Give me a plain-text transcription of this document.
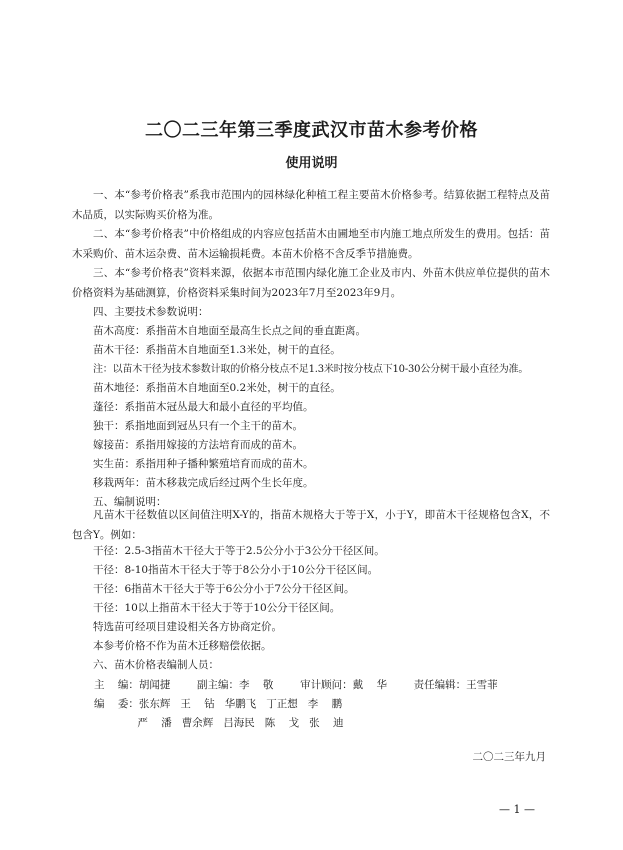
二〇二三年第三季度武汉市苗木参考价格
使用说明
一、本“参考价格表”系我市范围内的园林绿化种植工程主要苗木价格参考。结算依据工程特点及苗木品质，以实际购买价格为准。
二、本“参考价格表”中价格组成的内容应包括苗木由圃地至市内施工地点所发生的费用。包括：苗木采购价、苗木运杂费、苗木运输损耗费。本苗木价格不含反季节措施费。
三、本“参考价格表”资料来源，依据本市范围内绿化施工企业及市内、外苗木供应单位提供的苗木价格资料为基础测算，价格资料采集时间为2023年7月至2023年9月。
四、主要技术参数说明：
苗木高度：系指苗木自地面至最高生长点之间的垂直距离。
苗木干径：系指苗木自地面至1.3米处，树干的直径。
注：以苗木干径为技术参数计取的价格分枝点不足1.3米时按分枝点下10-30公分树干最小直径为准。
苗木地径：系指苗木自地面至0.2米处，树干的直径。
蓬径：系指苗木冠丛最大和最小直径的平均值。
独干：系指地面到冠丛只有一个主干的苗木。
嫁接苗：系指用嫁接的方法培育而成的苗木。
实生苗：系指用种子播种繁殖培育而成的苗木。
移栽两年：苗木移栽完成后经过两个生长年度。
五、编制说明：
凡苗木干径数值以区间值注明X-Y的，指苗木规格大于等于X，小于Y，即苗木干径规格包含X，不包含Y。例如：
干径：2.5-3指苗木干径大于等于2.5公分小于3公分干径区间。
干径：8-10指苗木干径大于等于8公分小于10公分干径区间。
干径：6指苗木干径大于等于6公分小于7公分干径区间。
干径：10以上指苗木干径大于等于10公分干径区间。
特选苗可经项目建设相关各方协商定价。
本参考价格不作为苗木迁移赔偿依据。
六、苗木价格表编制人员：
主    编：胡闻捷        副主编：李    敬        审计顾问：戴    华        责任编辑：王雪菲
编    委：张东辉   王    钻   华鹏飞   丁正想   李    鹏
严    潘   曹余辉   吕海民   陈    戈   张    迪
二〇二三年九月
— 1 —
